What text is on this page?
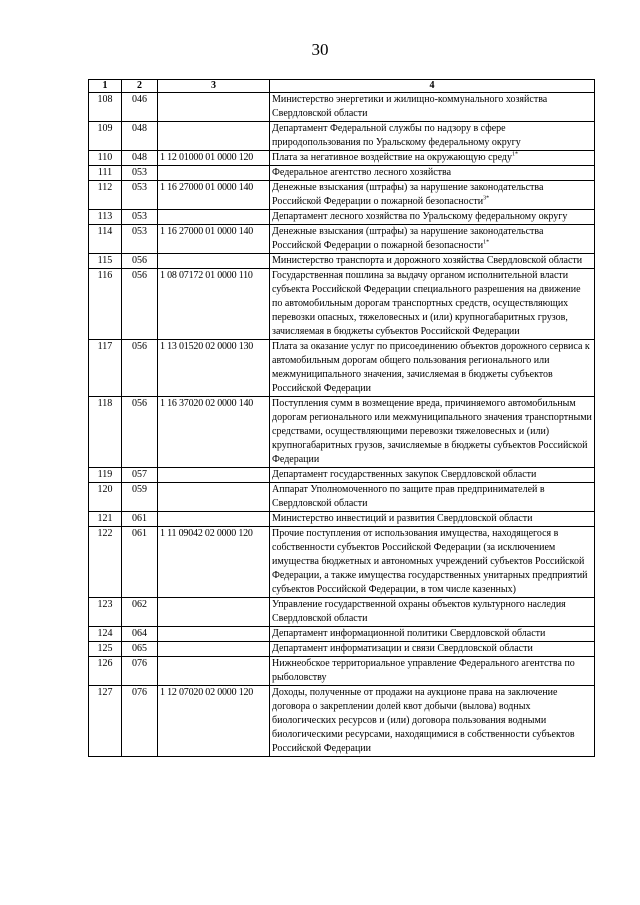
30
1	2	3	4
108	046		Министерство энергетики и жилищно-коммунального хозяйства Свердловской области
109	048		Департамент Федеральной службы по надзору в сфере природопользования по Уральскому федеральному округу
110	048	1 12 01000 01 0000 120	Плата за негативное воздействие на окружающую среду$^{1*}$
111	053		Федеральное агентство лесного хозяйства
112	053	1 16 27000 01 0000 140	Денежные взыскания (штрафы) за нарушение законодательства Российской Федерации о пожарной безопасности$^{3*}$
113	053		Департамент лесного хозяйства по Уральскому федеральному округу
114	053	1 16 27000 01 0000 140	Денежные взыскания (штрафы) за нарушение законодательства Российской Федерации о пожарной безопасности$^{1*}$
115	056		Министерство транспорта и дорожного хозяйства Свердловской области
116	056	1 08 07172 01 0000 110	Государственная пошлина за выдачу органом исполнительной власти субъекта Российской Федерации специального разрешения на движение по автомобильным дорогам транспортных средств, осуществляющих перевозки опасных, тяжеловесных и (или) крупногабаритных грузов, зачисляемая в бюджеты субъектов Российской Федерации
117	056	1 13 01520 02 0000 130	Плата за оказание услуг по присоединению объектов дорожного сервиса к автомобильным дорогам общего пользования регионального или межмуниципального значения, зачисляемая в бюджеты субъектов Российской Федерации
118	056	1 16 37020 02 0000 140	Поступления сумм в возмещение вреда, причиняемого автомобильным дорогам регионального или межмуниципального значения транспортными средствами, осуществляющими перевозки тяжеловесных и (или) крупногабаритных грузов, зачисляемые в бюджеты субъектов Российской Федерации
119	057		Департамент государственных закупок Свердловской области
120	059		Аппарат Уполномоченного по защите прав предпринимателей в Свердловской области
121	061		Министерство инвестиций и развития Свердловской области
122	061	1 11 09042 02 0000 120	Прочие поступления от использования имущества, находящегося в собственности субъектов Российской Федерации (за исключением имущества бюджетных и автономных учреждений субъектов Российской Федерации, а также имущества государственных унитарных предприятий субъектов Российской Федерации, в том числе казенных)
123	062		Управление государственной охраны объектов культурного наследия Свердловской области
124	064		Департамент информационной политики Свердловской области
125	065		Департамент информатизации и связи Свердловской области
126	076		Нижнеобское территориальное управление Федерального агентства по рыболовству
127	076	1 12 07020 02 0000 120	Доходы, полученные от продажи на аукционе права на заключение договора о закреплении долей квот добычи (вылова) водных биологических ресурсов и (или) договора пользования водными биологическими ресурсами, находящимися в собственности субъектов Российской Федерации
